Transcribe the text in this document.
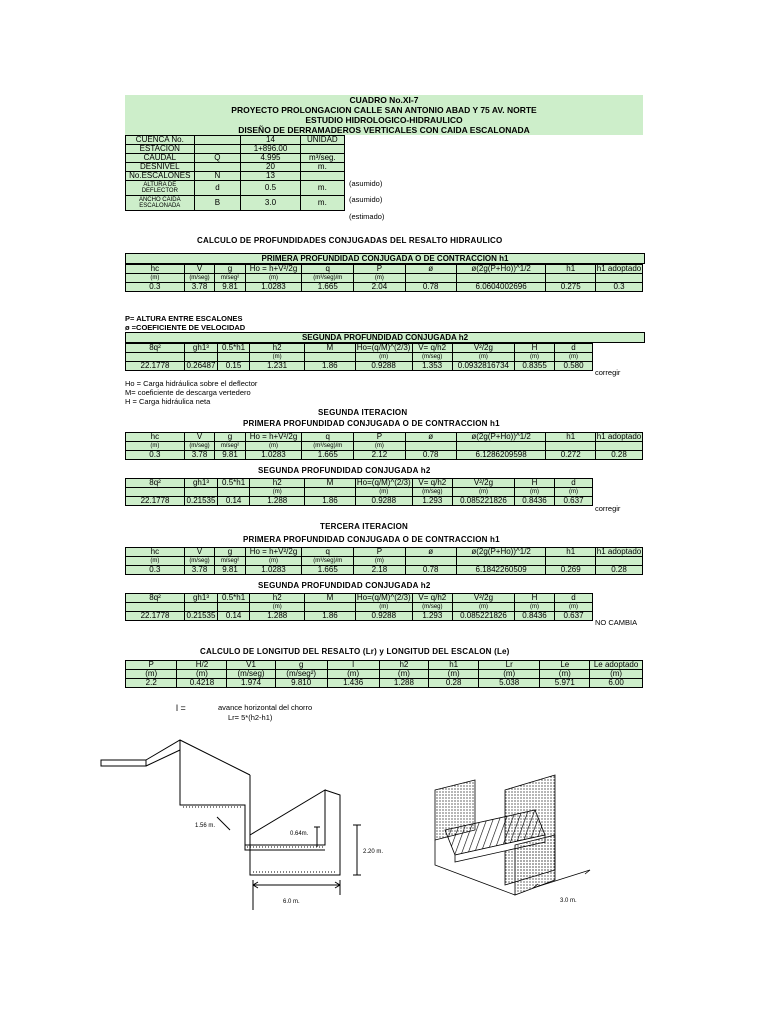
CUADRO No.XI-7
PROYECTO PROLONGACION CALLE SAN ANTONIO ABAD Y 75 AV. NORTE
ESTUDIO HIDROLOGICO-HIDRAULICO
DISEÑO DE DERRAMADEROS VERTICALES CON CAIDA ESCALONADA
CUENCA No.		14	UNIDAD
ESTACION		1+896.00	
CAUDAL	Q	4.995	m³/seg.
DESNIVEL		20	m.
No.ESCALONES	N	13	
ALTURA DE DEFLECTOR	d	0.5	m.
ANCHO CAIDA ESCALONADA	B	3.0	m.
(asumido)
(asumido)
(estimado)
CALCULO DE PROFUNDIDADES CONJUGADAS DEL RESALTO HIDRAULICO
PRIMERA PROFUNDIDAD CONJUGADA O DE CONTRACCION h1
hc	V	g	Ho = h+V²/2g	q	P	ø	ø(2g(P+Ho))^1/2	h1	h1 adoptado
(m)	(m/seg)	m/seg²	(m)	(m³/seg)/m	(m)				
0.3	3.78	9.81	1.0283	1.665	2.04	0.78	6.0604002696	0.275	0.3
P= ALTURA ENTRE ESCALONES
ø =COEFICIENTE DE VELOCIDAD
SEGUNDA PROFUNDIDAD CONJUGADA h2
8q²	gh1³	0.5*h1	h2	M	Ho=(q/M)^(2/3)	V= q/h2	V²/2g	H	d
			(m)		(m)	(m/seg)	(m)	(m)	(m)
22.1778	0.26487	0.15	1.231	1.86	0.9288	1.353	0.0932816734	0.8355	0.580
corregir
Ho = Carga hidráulica sobre el deflector
M= coeficiente de descarga vertedero
H = Carga hidráulica neta
SEGUNDA ITERACION
PRIMERA PROFUNDIDAD CONJUGADA O DE CONTRACCION h1
hc	V	g	Ho = h+V²/2g	q	P	ø	ø(2g(P+Ho))^1/2	h1	h1 adoptado
(m)	(m/seg)	m/seg²	(m)	(m³/seg)/m	(m)				
0.3	3.78	9.81	1.0283	1.665	2.12	0.78	6.1286209598	0.272	0.28
SEGUNDA PROFUNDIDAD CONJUGADA h2
8q²	gh1³	0.5*h1	h2	M	Ho=(q/M)^(2/3)	V= q/h2	V²/2g	H	d
			(m)		(m)	(m/seg)	(m)	(m)	(m)
22.1778	0.21535	0.14	1.288	1.86	0.9288	1.293	0.085221826	0.8436	0.637
corregir
TERCERA ITERACION
PRIMERA PROFUNDIDAD CONJUGADA O DE CONTRACCION h1
hc	V	g	Ho = h+V²/2g	q	P	ø	ø(2g(P+Ho))^1/2	h1	h1 adoptado
(m)	(m/seg)	m/seg²	(m)	(m³/seg)/m	(m)				
0.3	3.78	9.81	1.0283	1.665	2.18	0.78	6.1842260509	0.269	0.28
SEGUNDA PROFUNDIDAD CONJUGADA h2
8q²	gh1³	0.5*h1	h2	M	Ho=(q/M)^(2/3)	V= q/h2	V²/2g	H	d
			(m)		(m)	(m/seg)	(m)	(m)	(m)
22.1778	0.21535	0.14	1.288	1.86	0.9288	1.293	0.085221826	0.8436	0.637
NO CAMBIA
CALCULO DE LONGITUD DEL RESALTO (Lr) y LONGITUD DEL ESCALON (Le)
P	H/2	V1	g	l	h2	h1	Lr	Le	Le adoptado
(m)	(m)	(m/seg)	(m/seg²)	(m)	(m)	(m)	(m)	(m)	(m)
2.2	0.4218	1.974	9.810	1.436	1.288	0.28	5.038	5.971	6.00
l =	avance horizontal del chorro
Lr= 5*(h2-h1)
1.56 m.
0.64m.
2.20 m.
6.0 m.	3.0 m.
